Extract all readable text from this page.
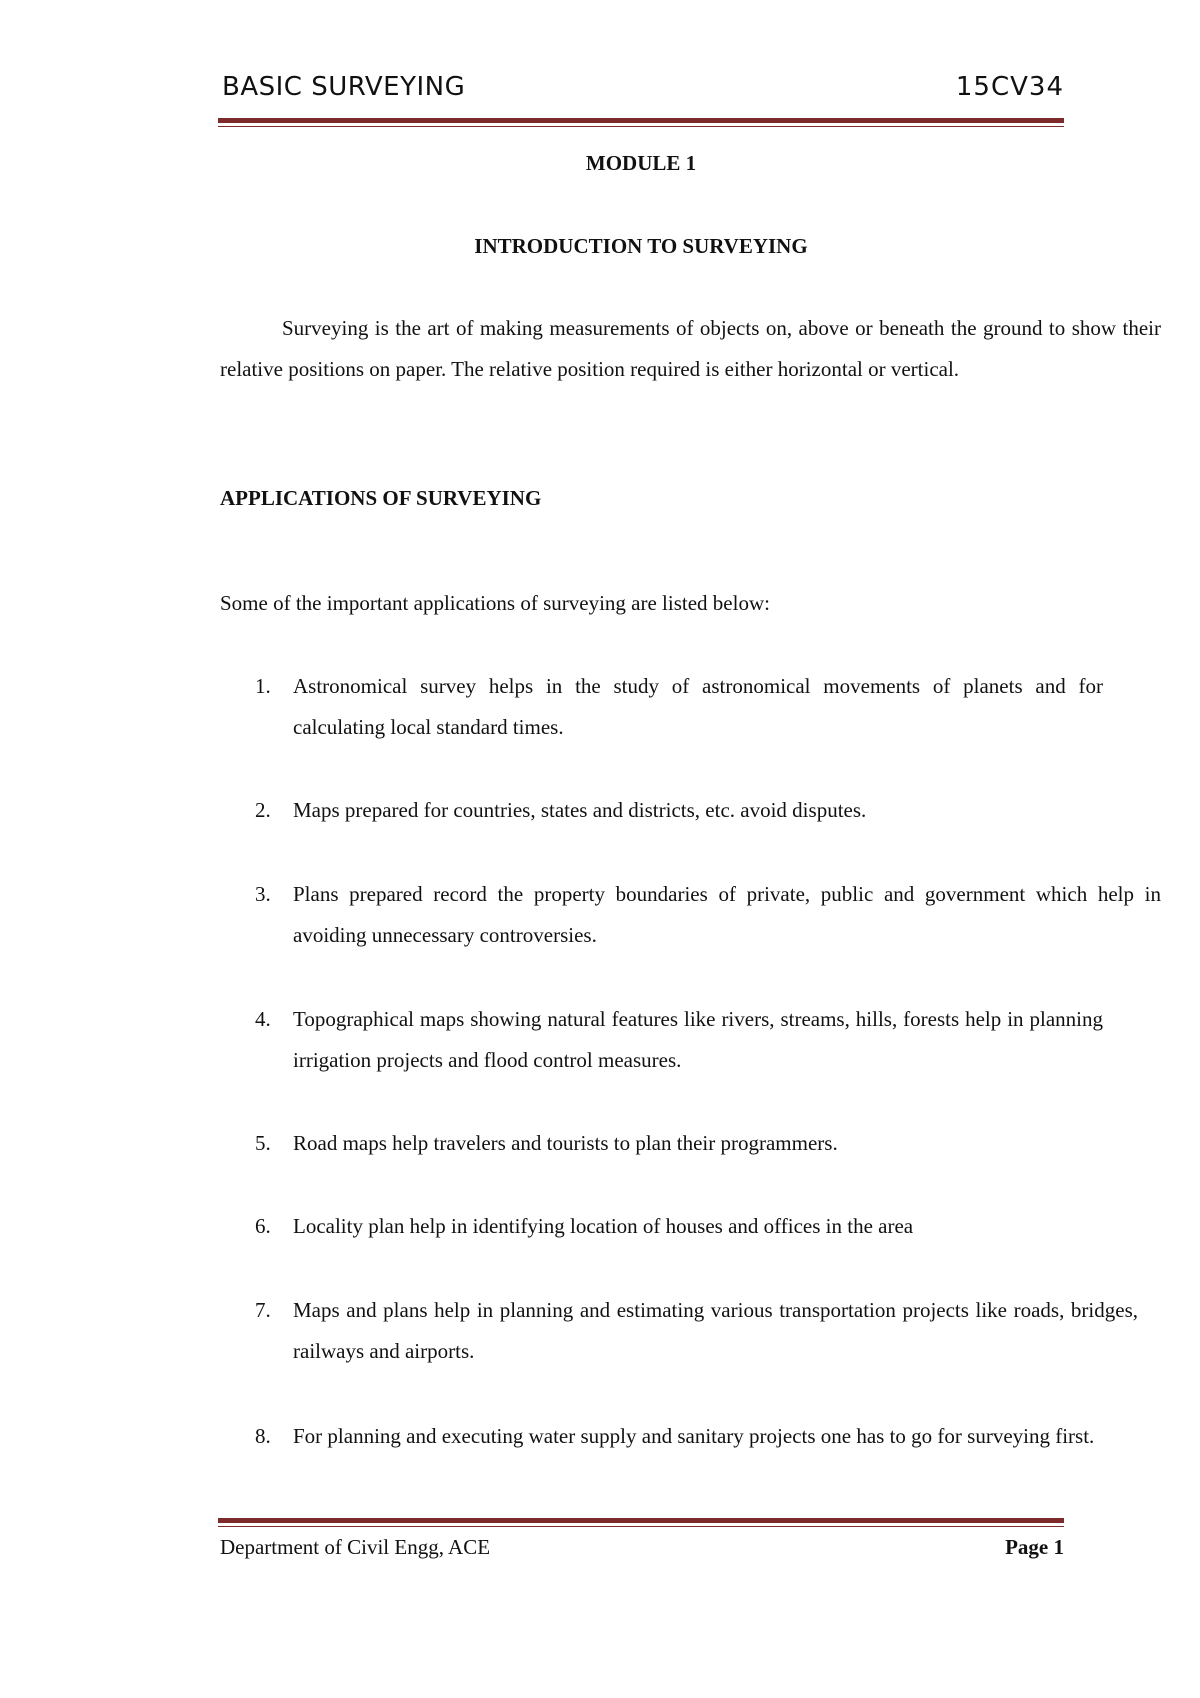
BASIC SURVEYING	15CV34
MODULE 1
INTRODUCTION TO SURVEYING
Surveying is the art of making measurements of objects on, above or beneath the ground to show their relative positions on paper. The relative position required is either horizontal or vertical.
APPLICATIONS OF SURVEYING
Some of the important applications of surveying are listed below:
1. Astronomical survey helps in the study of astronomical movements of planets and for calculating local standard times.
2. Maps prepared for countries, states and districts, etc. avoid disputes.
3. Plans prepared record the property boundaries of private, public and government which help in avoiding unnecessary controversies.
4. Topographical maps showing natural features like rivers, streams, hills, forests help in planning irrigation projects and flood control measures.
5. Road maps help travelers and tourists to plan their programmers.
6. Locality plan help in identifying location of houses and offices in the area
7. Maps and plans help in planning and estimating various transportation projects like roads, bridges, railways and airports.
8. For planning and executing water supply and sanitary projects one has to go for surveying first.
Department of Civil Engg, ACE	Page 1
